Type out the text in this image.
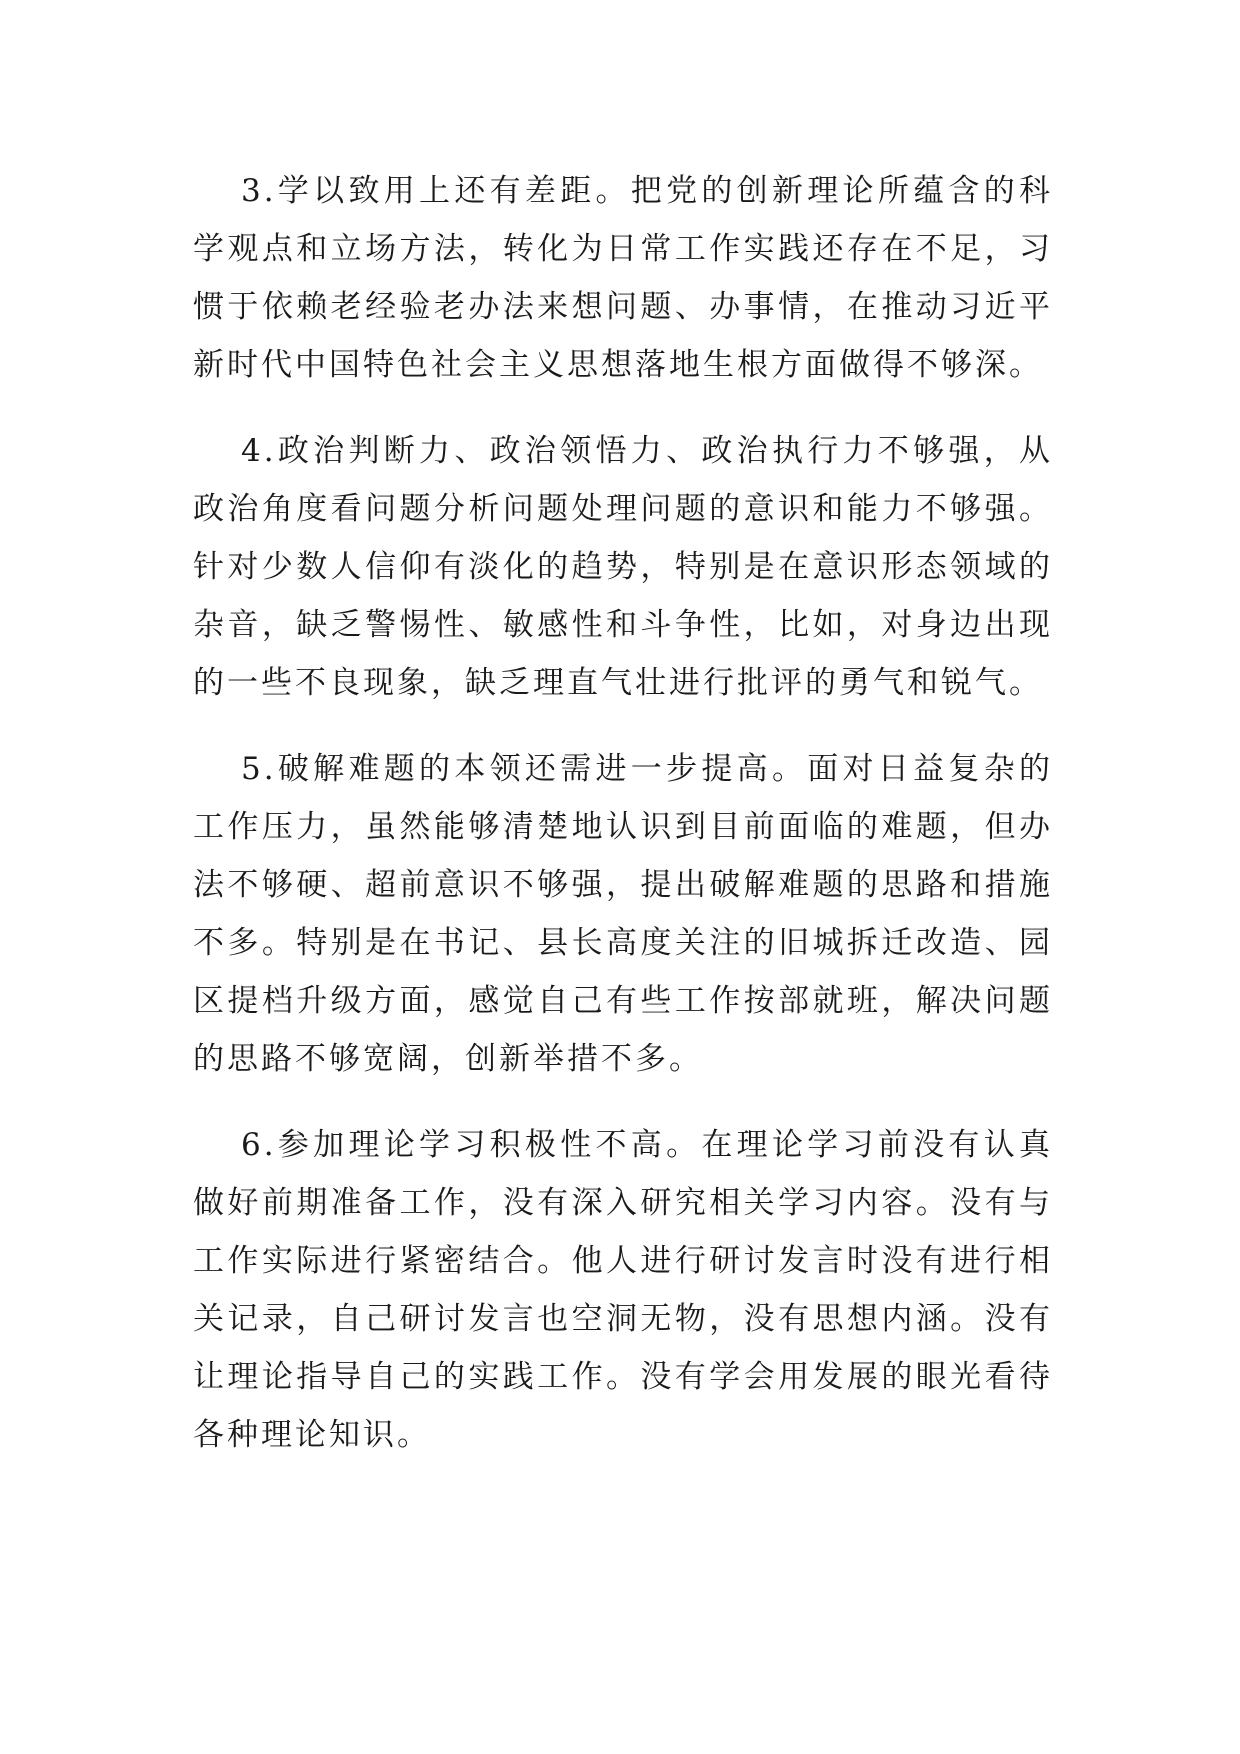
3.学以致用上还有差距。把党的创新理论所蕴含的科学观点和立场方法，转化为日常工作实践还存在不足，习惯于依赖老经验老办法来想问题、办事情，在推动习近平新时代中国特色社会主义思想落地生根方面做得不够深。

4.政治判断力、政治领悟力、政治执行力不够强，从政治角度看问题分析问题处理问题的意识和能力不够强。针对少数人信仰有淡化的趋势，特别是在意识形态领域的杂音，缺乏警惕性、敏感性和斗争性，比如，对身边出现的一些不良现象，缺乏理直气壮进行批评的勇气和锐气。

5.破解难题的本领还需进一步提高。面对日益复杂的工作压力，虽然能够清楚地认识到目前面临的难题，但办法不够硬、超前意识不够强，提出破解难题的思路和措施不多。特别是在书记、县长高度关注的旧城拆迁改造、园区提档升级方面，感觉自己有些工作按部就班，解决问题的思路不够宽阔，创新举措不多。

6.参加理论学习积极性不高。在理论学习前没有认真做好前期准备工作，没有深入研究相关学习内容。没有与工作实际进行紧密结合。他人进行研讨发言时没有进行相关记录，自己研讨发言也空洞无物，没有思想内涵。没有让理论指导自己的实践工作。没有学会用发展的眼光看待各种理论知识。
